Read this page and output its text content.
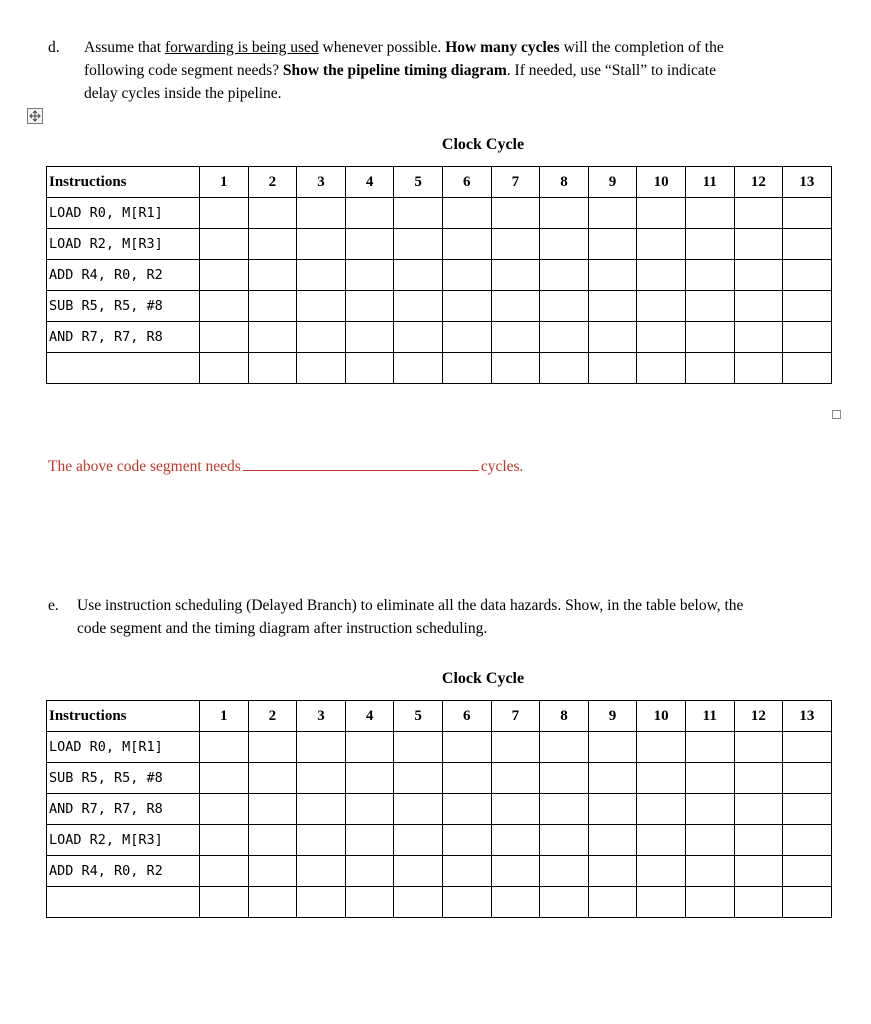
d. Assume that forwarding is being used whenever possible. How many cycles will the completion of the
following code segment needs? Show the pipeline timing diagram. If needed, use “Stall” to indicate
delay cycles inside the pipeline.
Clock Cycle
Instructions	1	2	3	4	5	6	7	8	9	10	11	12	13
LOAD R0, M[R1]													
LOAD R2, M[R3]													
ADD R4, R0, R2													
SUB R5, R5, #8													
AND R7, R7, R8													

The above code segment needs	cycles.
e. Use instruction scheduling (Delayed Branch) to eliminate all the data hazards. Show, in the table below, the
code segment and the timing diagram after instruction scheduling.
Clock Cycle
Instructions	1	2	3	4	5	6	7	8	9	10	11	12	13
LOAD R0, M[R1]													
SUB R5, R5, #8													
AND R7, R7, R8													
LOAD R2, M[R3]													
ADD R4, R0, R2													
